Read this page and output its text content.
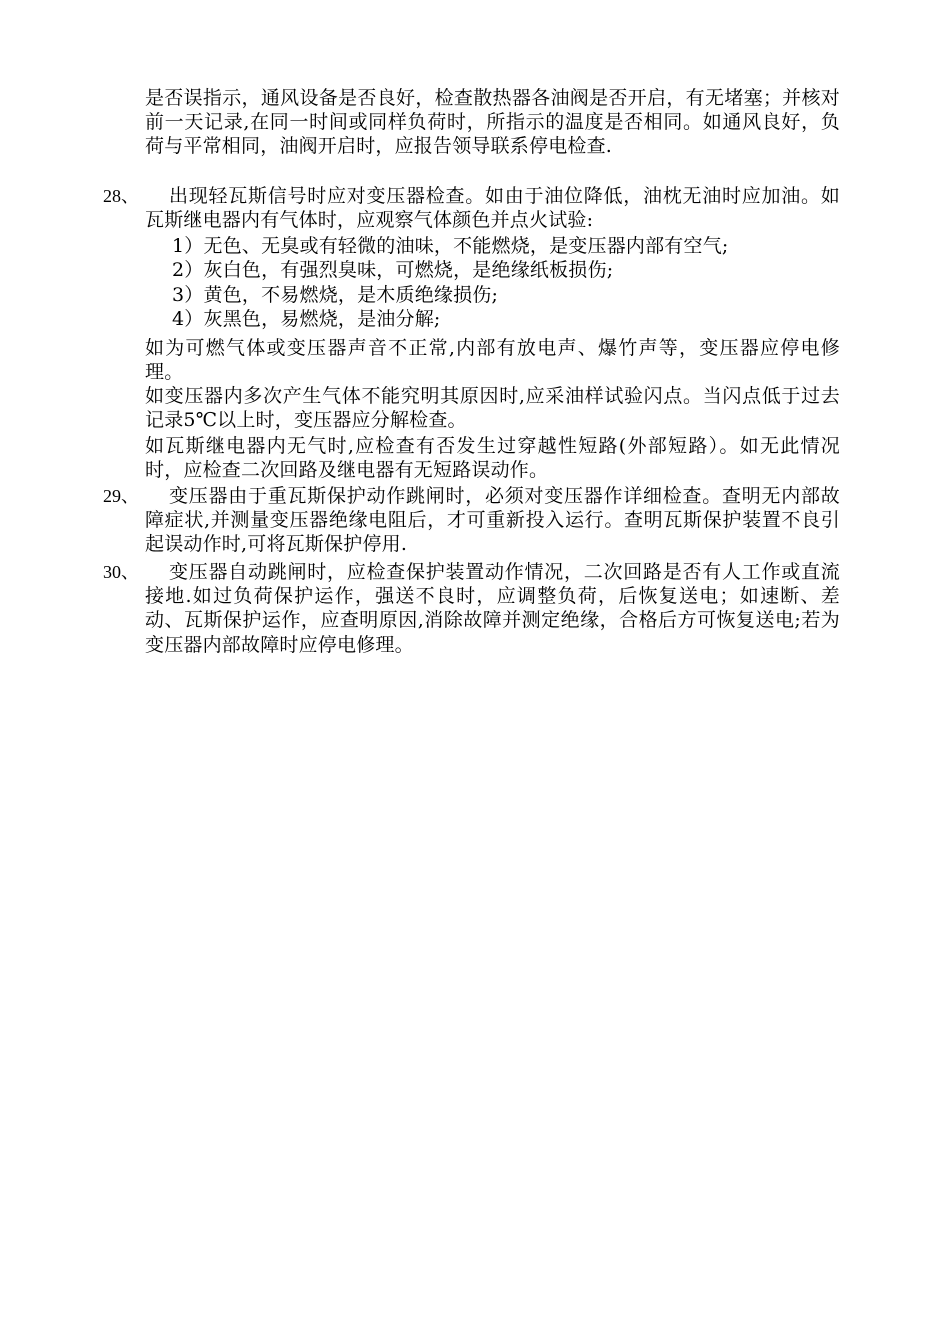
是否误指示，通风设备是否良好，检查散热器各油阀是否开启，有无堵塞；并核对前一天记录,在同一时间或同样负荷时，所指示的温度是否相同。如通风良好，负荷与平常相同，油阀开启时，应报告领导联系停电检查.
28、	出现轻瓦斯信号时应对变压器检查。如由于油位降低，油枕无油时应加油。如瓦斯继电器内有气体时，应观察气体颜色并点火试验:
1）无色、无臭或有轻微的油味，不能燃烧，是变压器内部有空气;
2）灰白色，有强烈臭味，可燃烧，是绝缘纸板损伤;
3）黄色，不易燃烧，是木质绝缘损伤;
4）灰黑色，易燃烧，是油分解;
如为可燃气体或变压器声音不正常,内部有放电声、爆竹声等，变压器应停电修理。
如变压器内多次产生气体不能究明其原因时,应采油样试验闪点。当闪点低于过去记录5℃以上时，变压器应分解检查。
如瓦斯继电器内无气时,应检查有否发生过穿越性短路(外部短路）。如无此情况时，应检查二次回路及继电器有无短路误动作。
29、	变压器由于重瓦斯保护动作跳闸时，必须对变压器作详细检查。查明无内部故障症状,并测量变压器绝缘电阻后，才可重新投入运行。查明瓦斯保护装置不良引起误动作时,可将瓦斯保护停用.
30、	变压器自动跳闸时，应检查保护装置动作情况，二次回路是否有人工作或直流接地.如过负荷保护运作，强送不良时，应调整负荷，后恢复送电；如速断、差动、瓦斯保护运作，应查明原因,消除故障并测定绝缘，合格后方可恢复送电;若为变压器内部故障时应停电修理。
